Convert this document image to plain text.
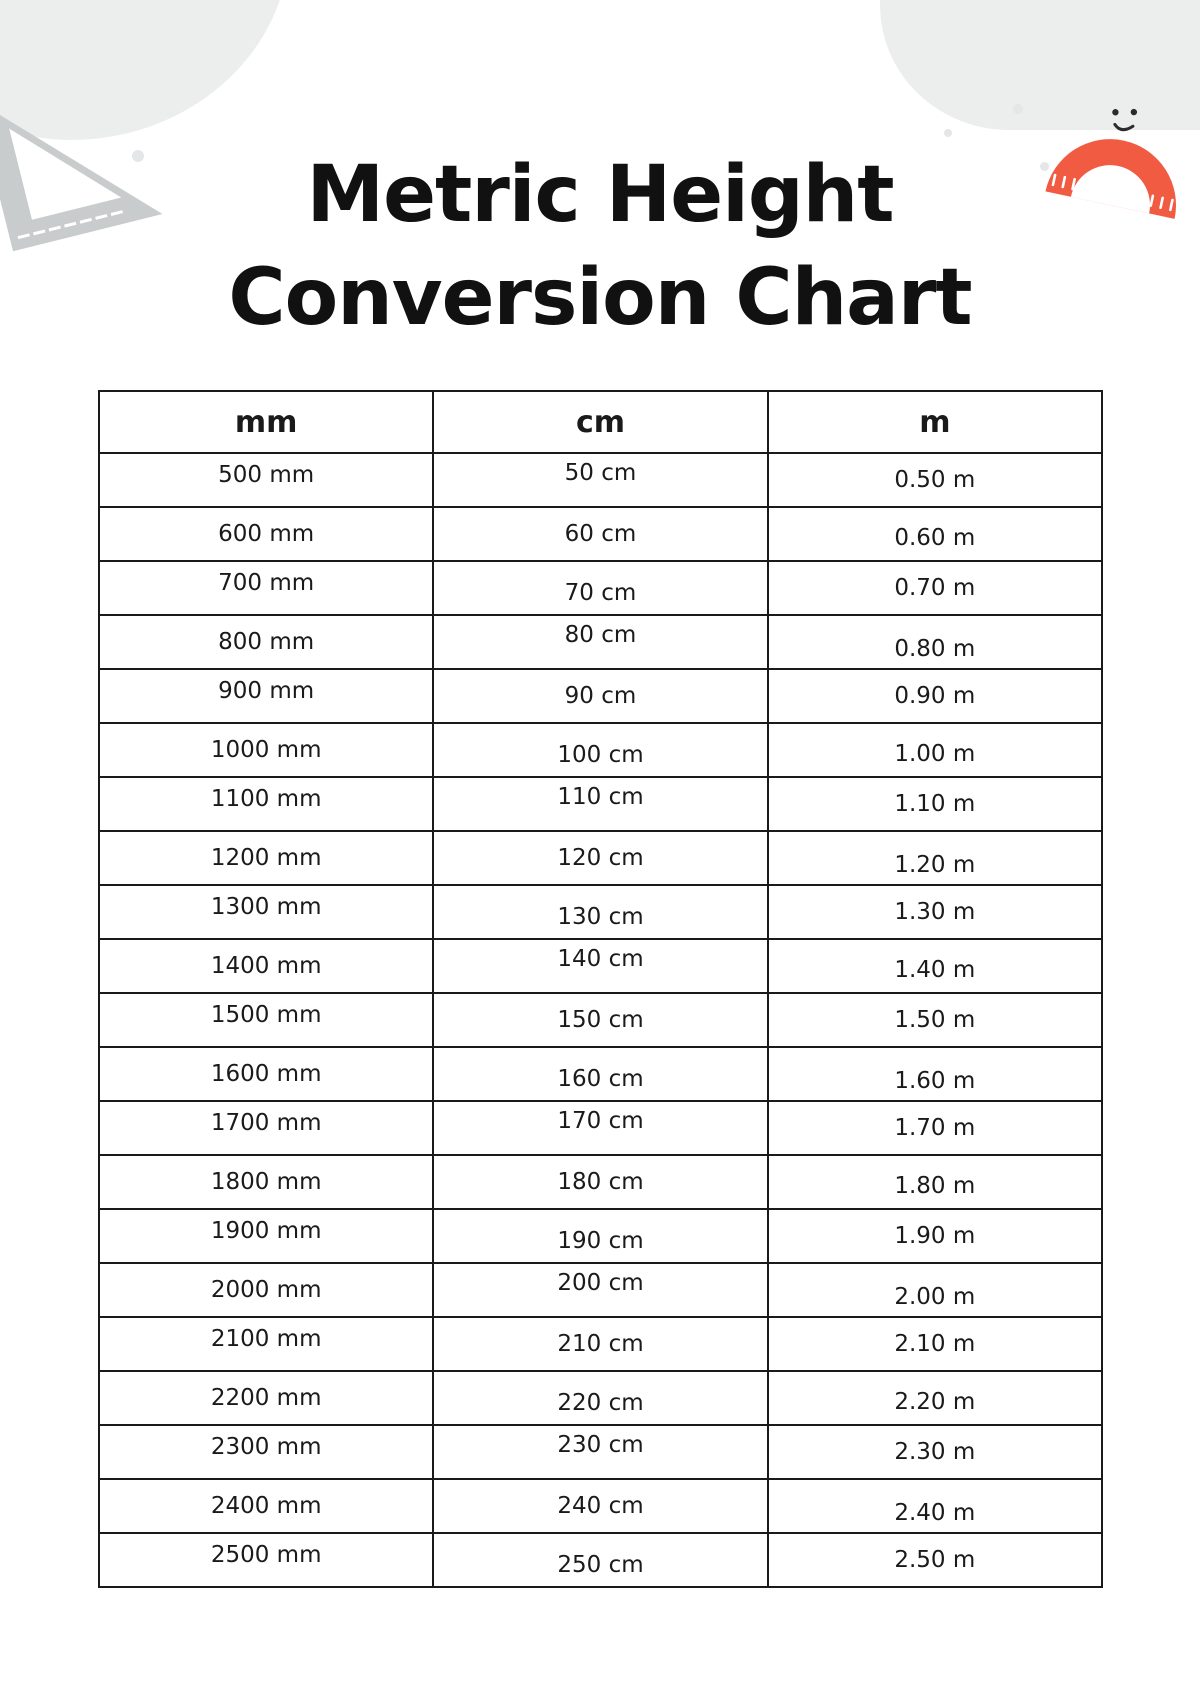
Metric Height
Conversion Chart
mm	cm	m
500 mm	50 cm	0.50 m
600 mm	60 cm	0.60 m
700 mm	70 cm	0.70 m
800 mm	80 cm	0.80 m
900 mm	90 cm	0.90 m
1000 mm	100 cm	1.00 m
1100 mm	110 cm	1.10 m
1200 mm	120 cm	1.20 m
1300 mm	130 cm	1.30 m
1400 mm	140 cm	1.40 m
1500 mm	150 cm	1.50 m
1600 mm	160 cm	1.60 m
1700 mm	170 cm	1.70 m
1800 mm	180 cm	1.80 m
1900 mm	190 cm	1.90 m
2000 mm	200 cm	2.00 m
2100 mm	210 cm	2.10 m
2200 mm	220 cm	2.20 m
2300 mm	230 cm	2.30 m
2400 mm	240 cm	2.40 m
2500 mm	250 cm	2.50 m
